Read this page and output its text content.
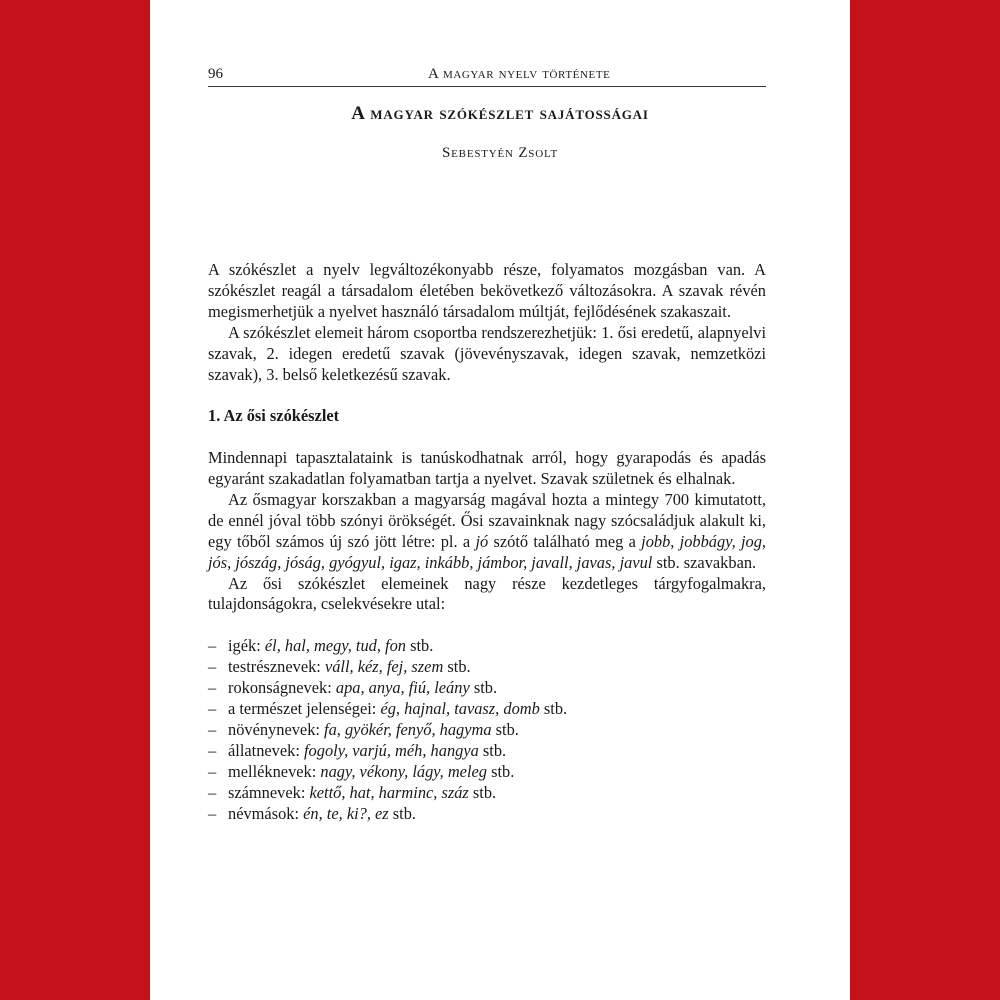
96	A magyar nyelv története
A magyar szókészlet sajátosságai
Sebestyén Zsolt

A szókészlet a nyelv legváltozékonyabb része, folyamatos mozgásban van. A szókészlet reagál a társadalom életében bekövetkező változásokra. A szavak révén megismerhetjük a nyelvet használó társadalom múltját, fejlődésének szakaszait.

A szókészlet elemeit három csoportba rendszerezhetjük: 1. ősi eredetű, alapnyelvi szavak, 2. idegen eredetű szavak (jövevényszavak, idegen szavak, nemzetközi szavak), 3. belső keletkezésű szavak.

1. Az ősi szókészlet

Mindennapi tapasztalataink is tanúskodhatnak arról, hogy gyarapodás és apadás egyaránt szakadatlan folyamatban tartja a nyelvet. Szavak születnek és elhalnak.

Az ősmagyar korszakban a magyarság magával hozta a mintegy 700 kimutatott, de ennél jóval több szónyi örökségét. Ősi szavainknak nagy szócsaládjuk alakult ki, egy tőből számos új szó jött létre: pl. a jó szótő található meg a jobb, jobbágy, jog, jós, jószág, jóság, gyógyul, igaz, inkább, jámbor, javall, javas, javul stb. szavakban.

Az ősi szókészlet elemeinek nagy része kezdetleges tárgyfogalmakra, tulajdonságokra, cselekvésekre utal:

– igék: él, hal, megy, tud, fon stb.
– testrésznevek: váll, kéz, fej, szem stb.
– rokonságnevek: apa, anya, fiú, leány stb.
– a természet jelenségei: ég, hajnal, tavasz, domb stb.
– növénynevek: fa, gyökér, fenyő, hagyma stb.
– állatnevek: fogoly, varjú, méh, hangya stb.
– melléknevek: nagy, vékony, lágy, meleg stb.
– számnevek: kettő, hat, harminc, száz stb.
– névmások: én, te, ki?, ez stb.
